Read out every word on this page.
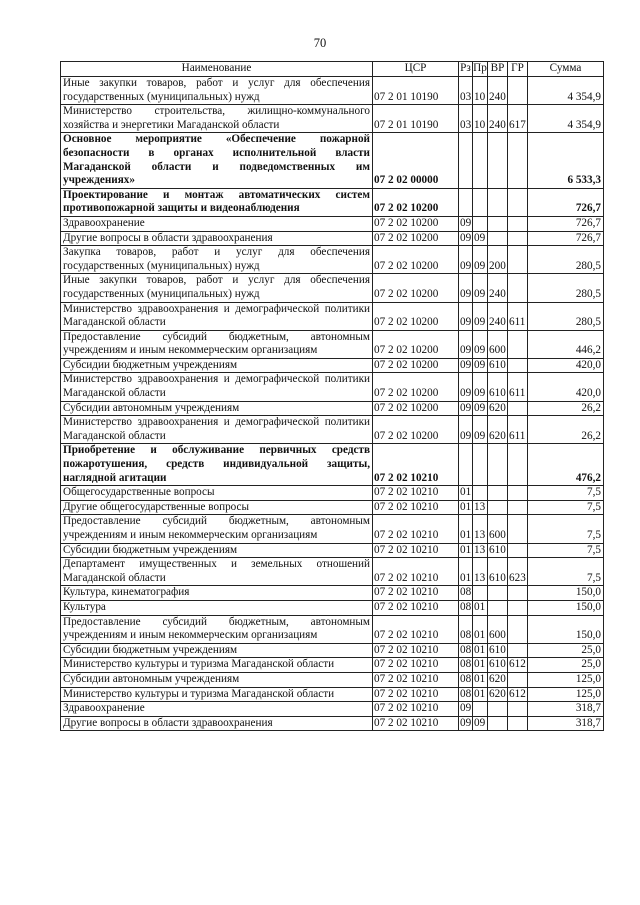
70
Наименование	ЦСР	Рз	Пр	ВР	ГР	Сумма
Иные закупки товаров, работ и услуг для обеспечения государственных (муниципальных) нужд	07 2 01 10190	03	10	240		4 354,9
Министерство строительства, жилищно-коммунального хозяйства и энергетики Магаданской области	07 2 01 10190	03	10	240	617	4 354,9
Основное мероприятие «Обеспечение пожарной безопасности в органах исполнительной власти Магаданской области и подведомственных им учреждениях»	07 2 02 00000					6 533,3
Проектирование и монтаж автоматических систем противопожарной защиты и видеонаблюдения	07 2 02 10200					726,7
Здравоохранение	07 2 02 10200	09				726,7
Другие вопросы в области здравоохранения	07 2 02 10200	09	09			726,7
Закупка товаров, работ и услуг для обеспечения государственных (муниципальных) нужд	07 2 02 10200	09	09	200		280,5
Иные закупки товаров, работ и услуг для обеспечения государственных (муниципальных) нужд	07 2 02 10200	09	09	240		280,5
Министерство здравоохранения и демографической политики Магаданской области	07 2 02 10200	09	09	240	611	280,5
Предоставление субсидий бюджетным, автономным учреждениям и иным некоммерческим организациям	07 2 02 10200	09	09	600		446,2
Субсидии бюджетным учреждениям	07 2 02 10200	09	09	610		420,0
Министерство здравоохранения и демографической политики Магаданской области	07 2 02 10200	09	09	610	611	420,0
Субсидии автономным учреждениям	07 2 02 10200	09	09	620		26,2
Министерство здравоохранения и демографической политики Магаданской области	07 2 02 10200	09	09	620	611	26,2
Приобретение и обслуживание первичных средств пожаротушения, средств индивидуальной защиты, наглядной агитации	07 2 02 10210					476,2
Общегосударственные вопросы	07 2 02 10210	01				7,5
Другие общегосударственные вопросы	07 2 02 10210	01	13			7,5
Предоставление субсидий бюджетным, автономным учреждениям и иным некоммерческим организациям	07 2 02 10210	01	13	600		7,5
Субсидии бюджетным учреждениям	07 2 02 10210	01	13	610		7,5
Департамент имущественных и земельных отношений Магаданской области	07 2 02 10210	01	13	610	623	7,5
Культура, кинематография	07 2 02 10210	08				150,0
Культура	07 2 02 10210	08	01			150,0
Предоставление субсидий бюджетным, автономным учреждениям и иным некоммерческим организациям	07 2 02 10210	08	01	600		150,0
Субсидии бюджетным учреждениям	07 2 02 10210	08	01	610		25,0
Министерство культуры и туризма Магаданской области	07 2 02 10210	08	01	610	612	25,0
Субсидии автономным учреждениям	07 2 02 10210	08	01	620		125,0
Министерство культуры и туризма Магаданской области	07 2 02 10210	08	01	620	612	125,0
Здравоохранение	07 2 02 10210	09				318,7
Другие вопросы в области здравоохранения	07 2 02 10210	09	09			318,7
